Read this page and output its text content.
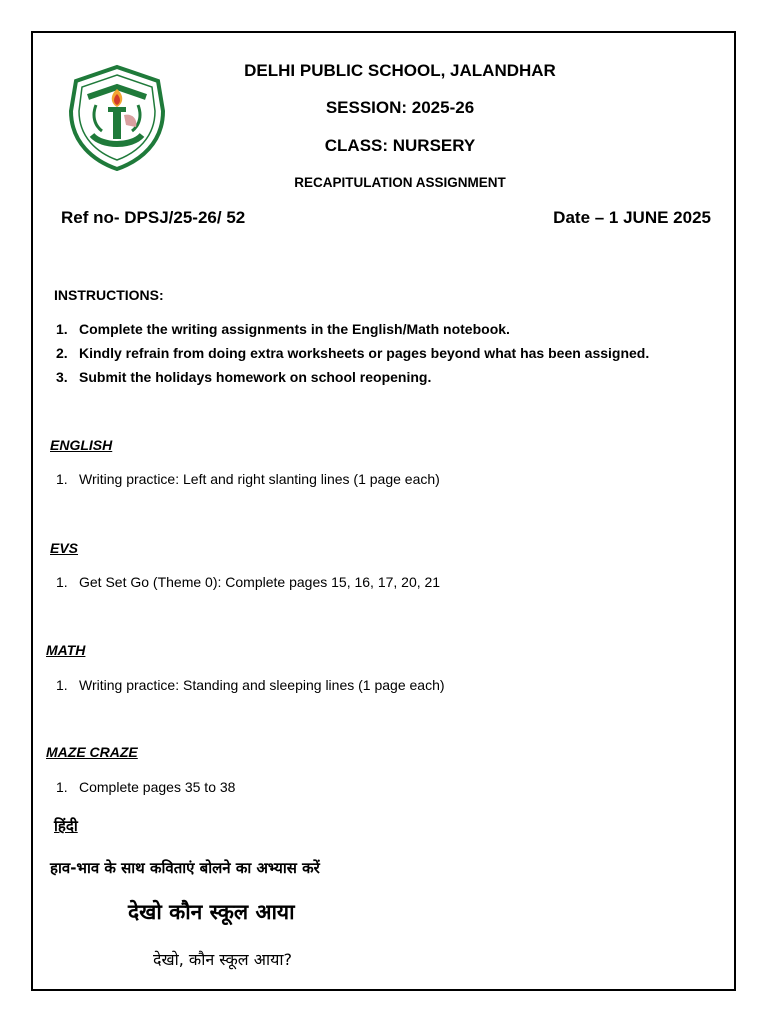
DELHI PUBLIC SCHOOL, JALANDHAR
SESSION: 2025-26
CLASS: NURSERY
RECAPITULATION ASSIGNMENT
Ref no- DPSJ/25-26/ 52	Date – 1 JUNE 2025
INSTRUCTIONS:
1. Complete the writing assignments in the English/Math notebook.
2. Kindly refrain from doing extra worksheets or pages beyond what has been assigned.
3. Submit the holidays homework on school reopening.
ENGLISH
1. Writing practice: Left and right slanting lines (1 page each)
EVS
1. Get Set Go (Theme 0): Complete pages 15, 16, 17, 20, 21
MATH
1. Writing practice: Standing and sleeping lines (1 page each)
MAZE CRAZE
1. Complete pages 35 to 38
हिंदी
हाव-भाव के साथ कविताएं बोलने का अभ्यास करें
देखो कौन स्कूल आया
देखो, कौन स्कूल आया?
